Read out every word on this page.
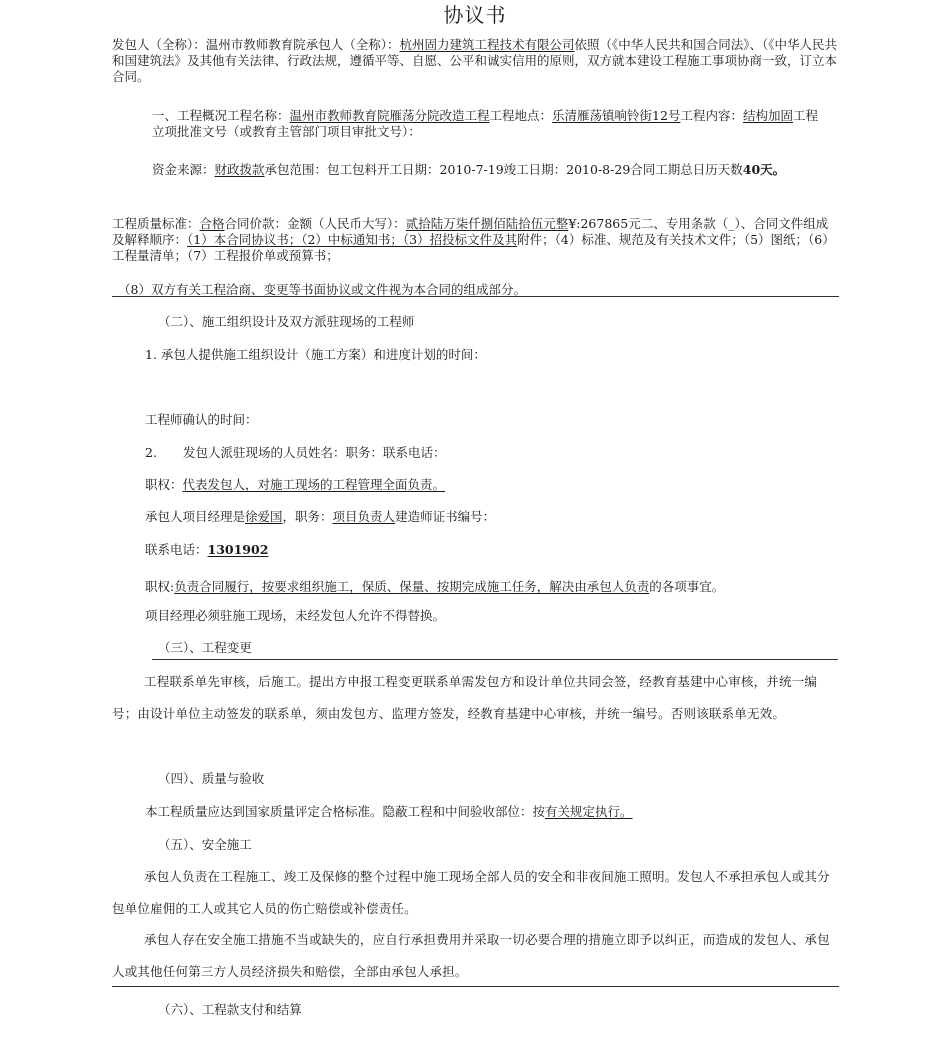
协议书
发包人（全称）：温州市教师教育院承包人（全称）：杭州固力建筑工程技术有限公司依照（《中华人民共和国合同法》、（《中华人民共和国建筑法》及其他有关法律、行政法规，遵循平等、自愿、公平和诚实信用的原则，双方就本建设工程施工事项协商一致，订立本合同。
一、工程概况工程名称：温州市教师教育院雁荡分院改造工程工程地点：乐清雁荡镇响铃街12号工程内容：结构加固工程立项批准文号（或教育主管部门项目审批文号）：
资金来源：财政拨款承包范围：包工包料开工日期：2010-7-19竣工日期：2010-8-29合同工期总日历天数40天。
工程质量标准：合格合同价款：金额（人民币大写）：贰拾陆万柒仟捌佰陆拾伍元整¥:267865元二、专用条款（_）、合同文件组成及解释顺序：（1）本合同协议书；（2）中标通知书；（3）招投标文件及其附件；（4）标准、规范及有关技术文件；（5）图纸；（6）工程量清单；（7）工程报价单或预算书；
（8）双方有关工程洽商、变更等书面协议或文件视为本合同的组成部分。
（二）、施工组织设计及双方派驻现场的工程师
1. 承包人提供施工组织设计（施工方案）和进度计划的时间：
工程师确认的时间：
2. 发包人派驻现场的人员姓名：职务：联系电话：
职权：代表发包人，对施工现场的工程管理全面负责。
承包人项目经理是徐爱国，职务：项目负责人建造师证书编号：
联系电话：1301902
职权:负责合同履行，按要求组织施工，保质、保量、按期完成施工任务，解决由承包人负责的各项事宜。
项目经理必须驻施工现场，未经发包人允许不得替换。
（三）、工程变更
工程联系单先审核，后施工。提出方申报工程变更联系单需发包方和设计单位共同会签，经教育基建中心审核，并统一编号；由设计单位主动签发的联系单，须由发包方、监理方签发，经教育基建中心审核，并统一编号。否则该联系单无效。
（四）、质量与验收
本工程质量应达到国家质量评定合格标准。隐蔽工程和中间验收部位：按有关规定执行。
（五）、安全施工
承包人负责在工程施工、竣工及保修的整个过程中施工现场全部人员的安全和非夜间施工照明。发包人不承担承包人或其分包单位雇佣的工人或其它人员的伤亡赔偿或补偿责任。
承包人存在安全施工措施不当或缺失的，应自行承担费用并采取一切必要合理的措施立即予以纠正，而造成的发包人、承包人或其他任何第三方人员经济损失和赔偿，全部由承包人承担。
（六）、工程款支付和结算
